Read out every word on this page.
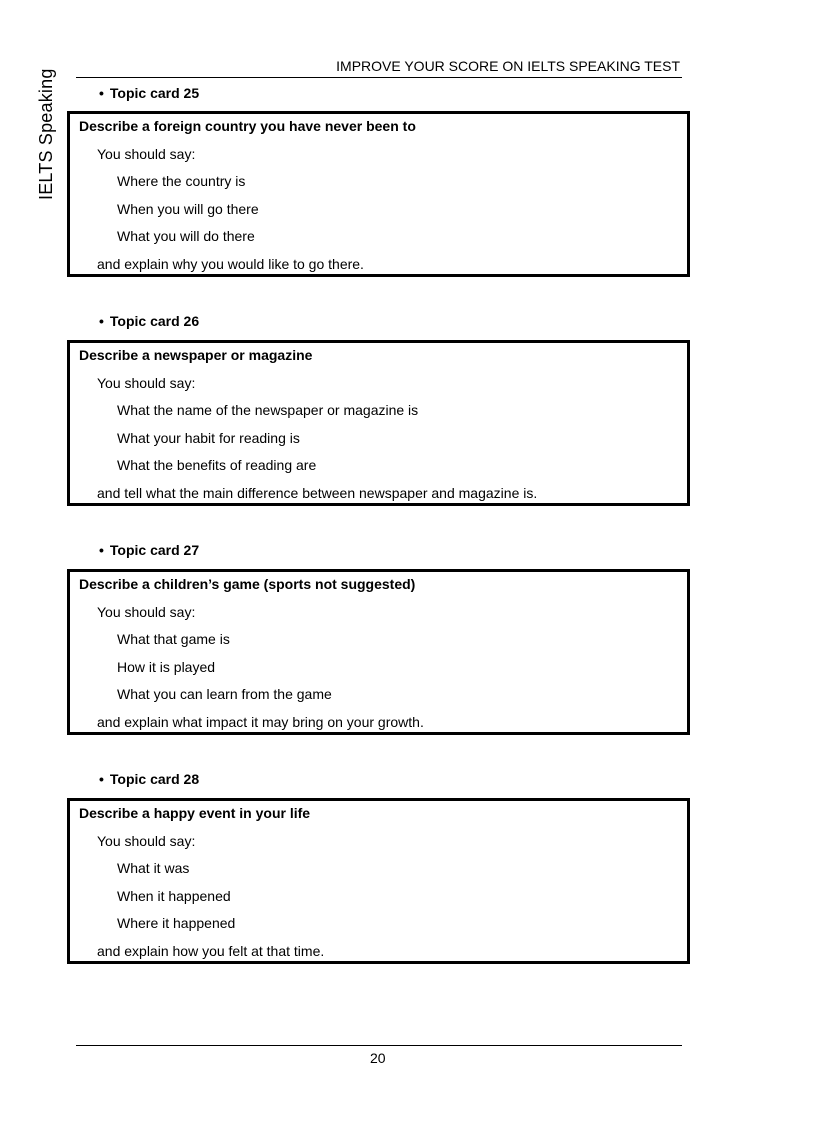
IELTS Speaking
IMPROVE YOUR SCORE ON IELTS SPEAKING TEST
• Topic card 25
Describe a foreign country you have never been to
You should say:
Where the country is
When you will go there
What you will do there
and explain why you would like to go there.
• Topic card 26
Describe a newspaper or magazine
You should say:
What the name of the newspaper or magazine is
What your habit for reading is
What the benefits of reading are
and tell what the main difference between newspaper and magazine is.
• Topic card 27
Describe a children’s game (sports not suggested)
You should say:
What that game is
How it is played
What you can learn from the game
and explain what impact it may bring on your growth.
• Topic card 28
Describe a happy event in your life
You should say:
What it was
When it happened
Where it happened
and explain how you felt at that time.
20
